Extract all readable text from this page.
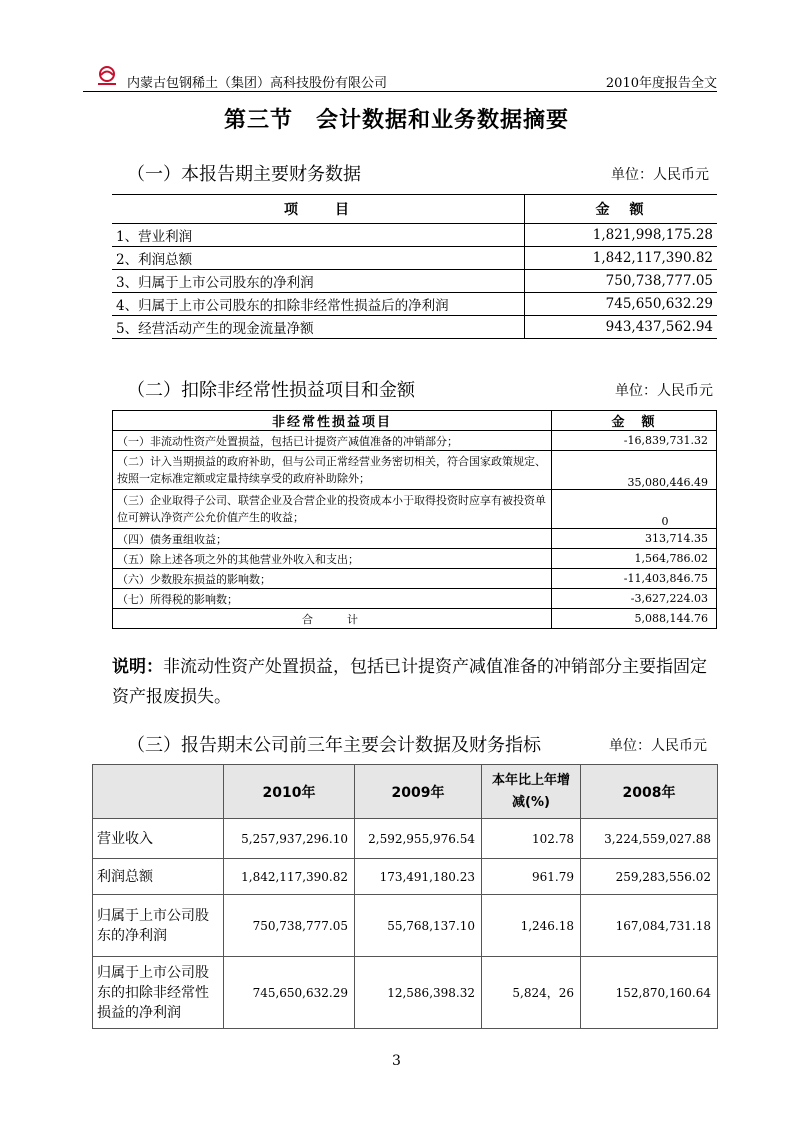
内蒙古包钢稀土（集团）高科技股份有限公司	2010年度报告全文
第三节　会计数据和业务数据摘要
（一）本报告期主要财务数据	单位：人民币元
项　　目	金　额
1、营业利润	1,821,998,175.28
2、利润总额	1,842,117,390.82
3、归属于上市公司股东的净利润	750,738,777.05
4、归属于上市公司股东的扣除非经常性损益后的净利润	745,650,632.29
5、经营活动产生的现金流量净额	943,437,562.94
（二）扣除非经常性损益项目和金额	单位：人民币元
非经常性损益项目	金　额
（一）非流动性资产处置损益，包括已计提资产减值准备的冲销部分；	-16,839,731.32
（二）计入当期损益的政府补助，但与公司正常经营业务密切相关，符合国家政策规定、按照一定标准定额或定量持续享受的政府补助除外；	35,080,446.49
（三）企业取得子公司、联营企业及合营企业的投资成本小于取得投资时应享有被投资单位可辨认净资产公允价值产生的收益；	0
（四）债务重组收益；	313,714.35
（五）除上述各项之外的其他营业外收入和支出；	1,564,786.02
（六）少数股东损益的影响数；	-11,403,846.75
（七）所得税的影响数；	-3,627,224.03
合　　计	5,088,144.76
说明：非流动性资产处置损益，包括已计提资产减值准备的冲销部分主要指固定资产报废损失。
（三）报告期末公司前三年主要会计数据及财务指标	单位：人民币元
	2010年	2009年	本年比上年增减(%)	2008年
营业收入	5,257,937,296.10	2,592,955,976.54	102.78	3,224,559,027.88
利润总额	1,842,117,390.82	173,491,180.23	961.79	259,283,556.02
归属于上市公司股东的净利润	750,738,777.05	55,768,137.10	1,246.18	167,084,731.18
归属于上市公司股东的扣除非经常性损益的净利润	745,650,632.29	12,586,398.32	5,824，26	152,870,160.64
3
